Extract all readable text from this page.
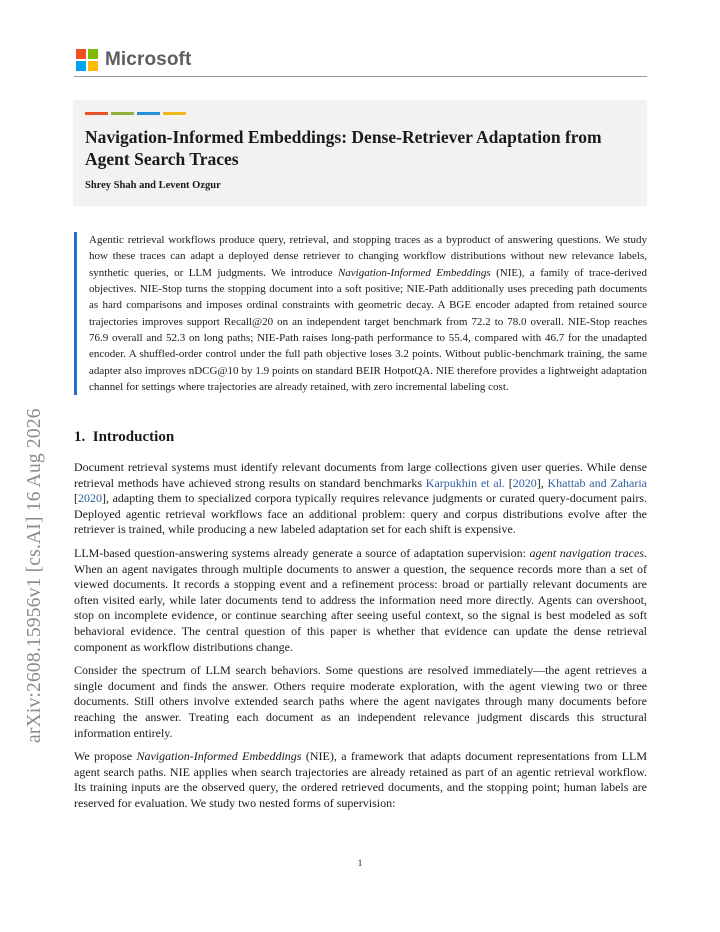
Microsoft
arXiv:2608.15956v1 [cs.AI] 16 Aug 2026
Navigation-Informed Embeddings: Dense-Retriever Adaptation from Agent Search Traces
Shrey Shah and Levent Ozgur

Agentic retrieval workflows produce query, retrieval, and stopping traces as a byproduct of answering questions. We study how these traces can adapt a deployed dense retriever to changing workflow distributions without new relevance labels, synthetic queries, or LLM judgments. We introduce Navigation-Informed Embeddings (NIE), a family of trace-derived objectives. NIE-Stop turns the stopping document into a soft positive; NIE-Path additionally uses preceding path documents as hard comparisons and imposes ordinal constraints with geometric decay. A BGE encoder adapted from retained source trajectories improves support Recall@20 on an independent target benchmark from 72.2 to 78.0 overall. NIE-Stop reaches 76.9 overall and 52.3 on long paths; NIE-Path raises long-path performance to 55.4, compared with 46.7 for the unadapted encoder. A shuffled-order control under the full path objective loses 3.2 points. Without public-benchmark training, the same adapter also improves nDCG@10 by 1.9 points on standard BEIR HotpotQA. NIE therefore provides a lightweight adaptation channel for settings where trajectories are already retained, with zero incremental labeling cost.

1. Introduction

Document retrieval systems must identify relevant documents from large collections given user queries. While dense retrieval methods have achieved strong results on standard benchmarks Karpukhin et al. [2020], Khattab and Zaharia [2020], adapting them to specialized corpora typically requires relevance judgments or curated query-document pairs. Deployed agentic retrieval workflows face an additional problem: query and corpus distributions evolve after the retriever is trained, while producing a new labeled adaptation set for each shift is expensive.

LLM-based question-answering systems already generate a source of adaptation supervision: agent navigation traces. When an agent navigates through multiple documents to answer a question, the sequence records more than a set of viewed documents. It records a stopping event and a refinement process: broad or partially relevant documents are often visited early, while later documents tend to address the information need more directly. Agents can overshoot, stop on incomplete evidence, or continue searching after seeing useful context, so the signal is best modeled as soft behavioral evidence. The central question of this paper is whether that evidence can update the dense retrieval component as workflow distributions change.

Consider the spectrum of LLM search behaviors. Some questions are resolved immediately—the agent retrieves a single document and finds the answer. Others require moderate exploration, with the agent viewing two or three documents. Still others involve extended search paths where the agent navigates through many documents before reaching the answer. Treating each document as an independent relevance judgment discards this structural information entirely.

We propose Navigation-Informed Embeddings (NIE), a framework that adapts document representations from LLM agent search paths. NIE applies when search trajectories are already retained as part of an agentic retrieval workflow. Its training inputs are the observed query, the ordered retrieved documents, and the stopping point; human labels are reserved for evaluation. We study two nested forms of supervision:

1
